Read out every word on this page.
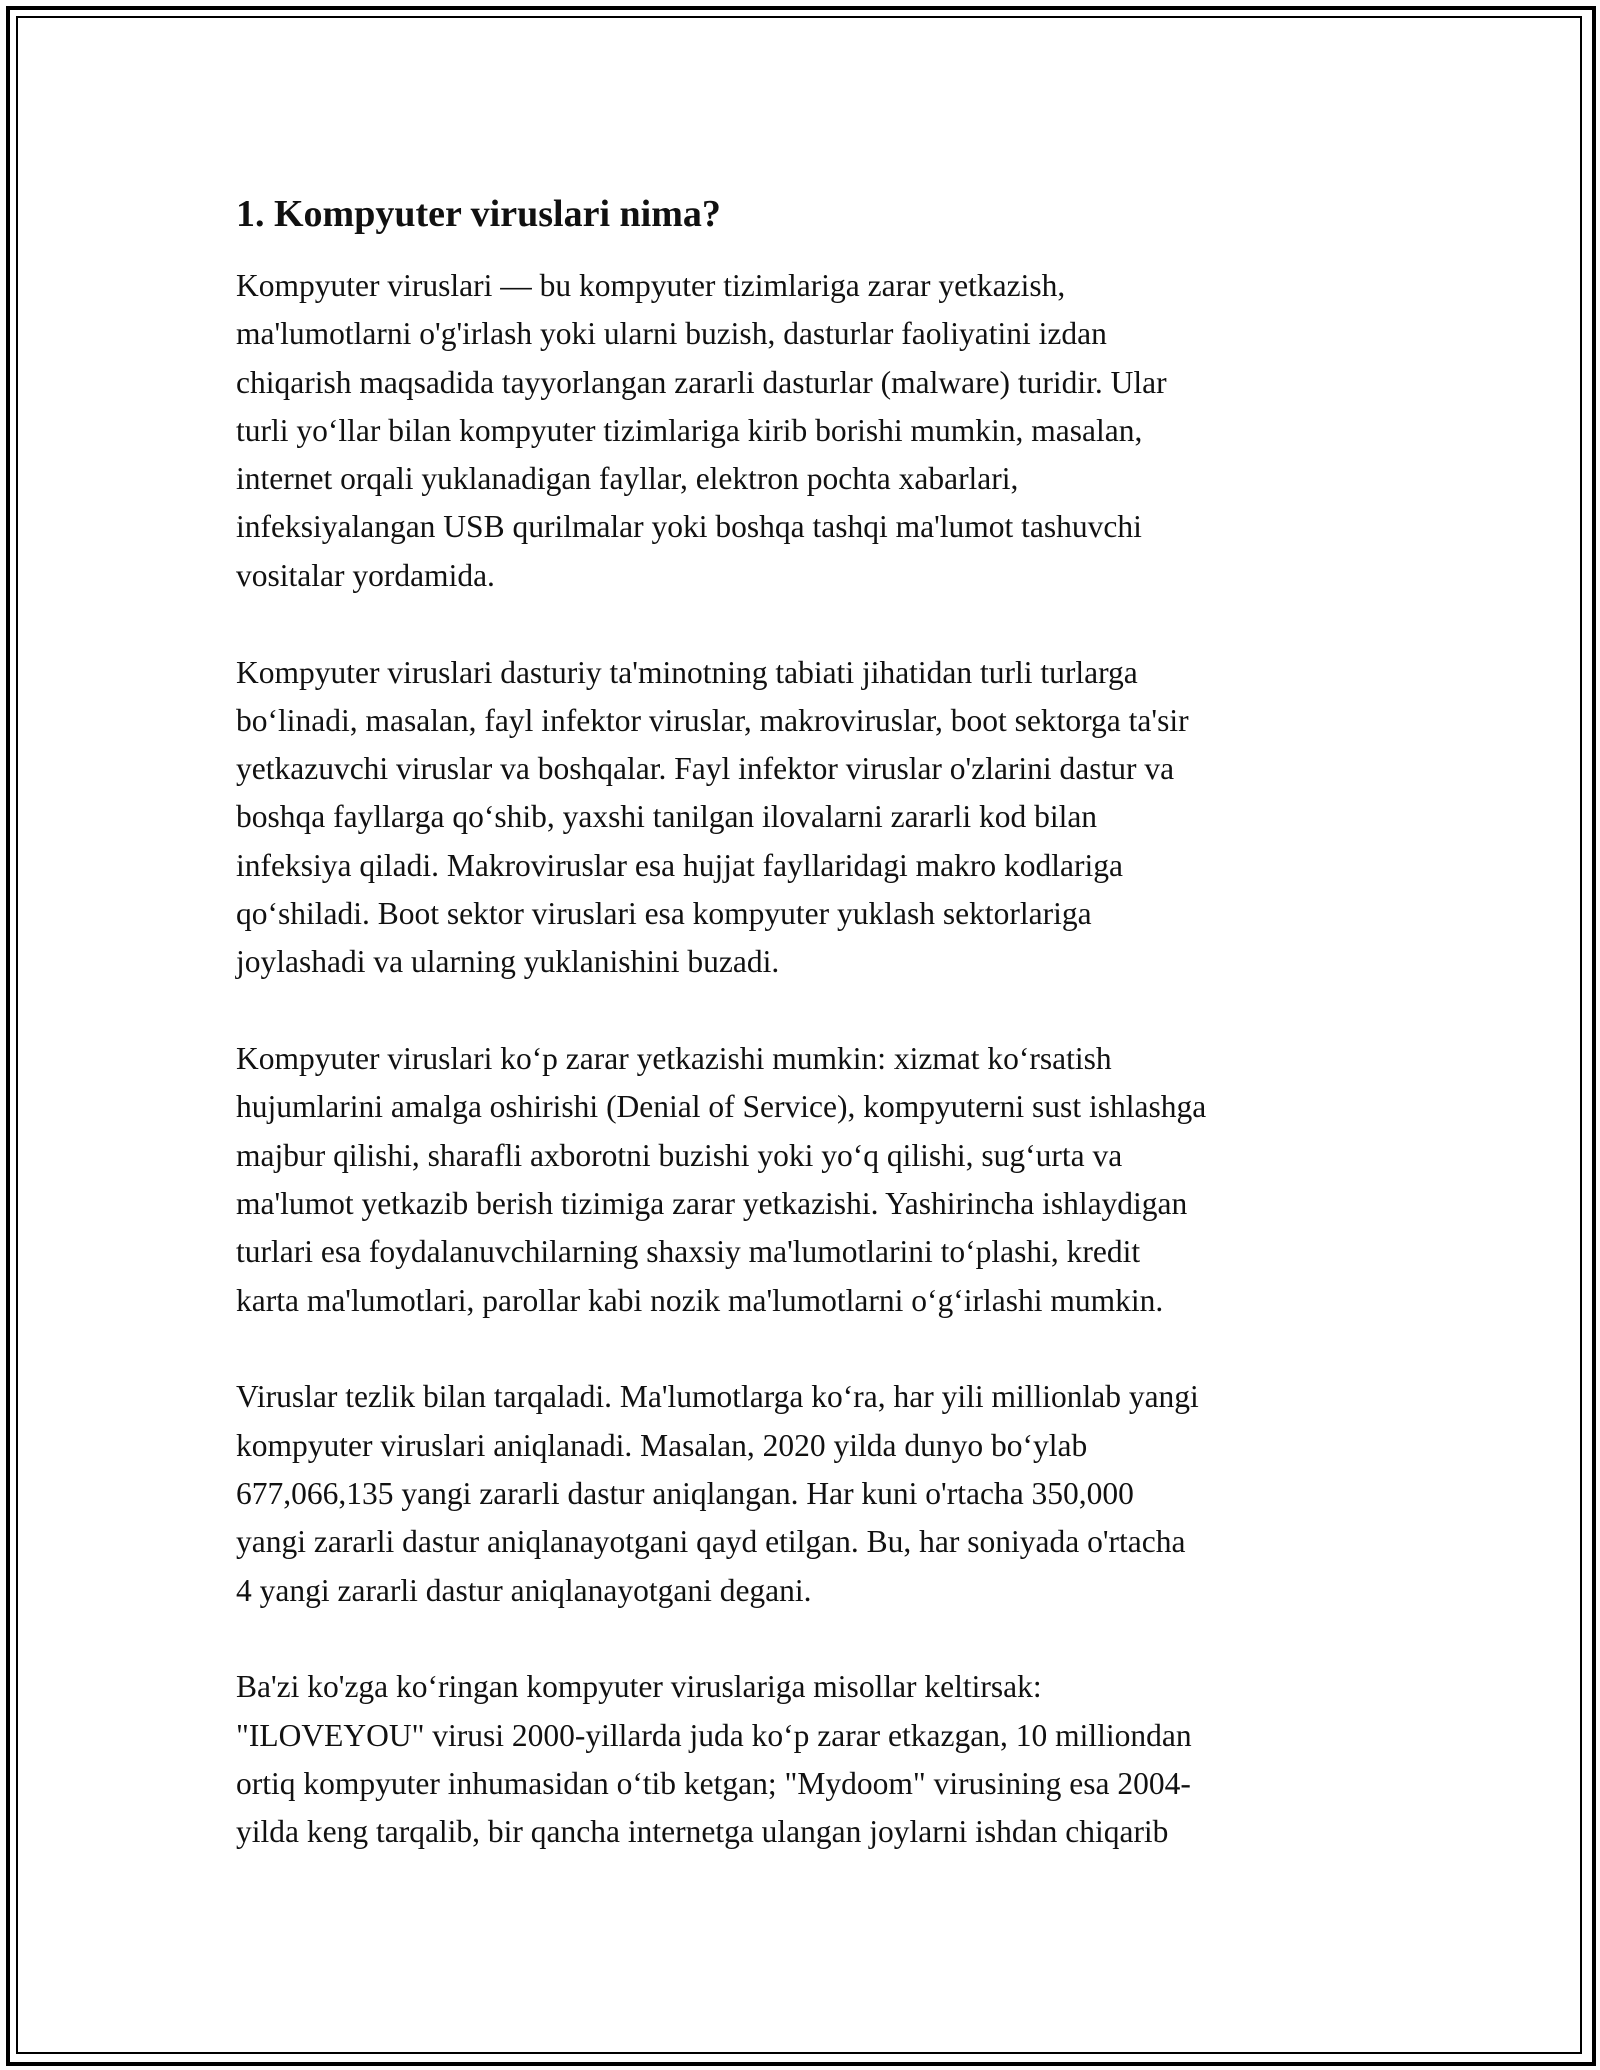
1. Kompyuter viruslari nima?

Kompyuter viruslari — bu kompyuter tizimlariga zarar yetkazish,
ma'lumotlarni o'g'irlash yoki ularni buzish, dasturlar faoliyatini izdan
chiqarish maqsadida tayyorlangan zararli dasturlar (malware) turidir. Ular
turli yo‘llar bilan kompyuter tizimlariga kirib borishi mumkin, masalan,
internet orqali yuklanadigan fayllar, elektron pochta xabarlari,
infeksiyalangan USB qurilmalar yoki boshqa tashqi ma'lumot tashuvchi
vositalar yordamida.

Kompyuter viruslari dasturiy ta'minotning tabiati jihatidan turli turlarga
bo‘linadi, masalan, fayl infektor viruslar, makroviruslar, boot sektorga ta'sir
yetkazuvchi viruslar va boshqalar. Fayl infektor viruslar o'zlarini dastur va
boshqa fayllarga qo‘shib, yaxshi tanilgan ilovalarni zararli kod bilan
infeksiya qiladi. Makroviruslar esa hujjat fayllaridagi makro kodlariga
qo‘shiladi. Boot sektor viruslari esa kompyuter yuklash sektorlariga
joylashadi va ularning yuklanishini buzadi.

Kompyuter viruslari ko‘p zarar yetkazishi mumkin: xizmat ko‘rsatish
hujumlarini amalga oshirishi (Denial of Service), kompyuterni sust ishlashga
majbur qilishi, sharafli axborotni buzishi yoki yo‘q qilishi, sug‘urta va
ma'lumot yetkazib berish tizimiga zarar yetkazishi. Yashirincha ishlaydigan
turlari esa foydalanuvchilarning shaxsiy ma'lumotlarini to‘plashi, kredit
karta ma'lumotlari, parollar kabi nozik ma'lumotlarni o‘g‘irlashi mumkin.

Viruslar tezlik bilan tarqaladi. Ma'lumotlarga ko‘ra, har yili millionlab yangi
kompyuter viruslari aniqlanadi. Masalan, 2020 yilda dunyo bo‘ylab
677,066,135 yangi zararli dastur aniqlangan. Har kuni o'rtacha 350,000
yangi zararli dastur aniqlanayotgani qayd etilgan. Bu, har soniyada o'rtacha
4 yangi zararli dastur aniqlanayotgani degani.

Ba'zi ko'zga ko‘ringan kompyuter viruslariga misollar keltirsak:
"ILOVEYOU" virusi 2000-yillarda juda ko‘p zarar etkazgan, 10 milliondan
ortiq kompyuter inhumasidan o‘tib ketgan; "Mydoom" virusining esa 2004-
yilda keng tarqalib, bir qancha internetga ulangan joylarni ishdan chiqarib
